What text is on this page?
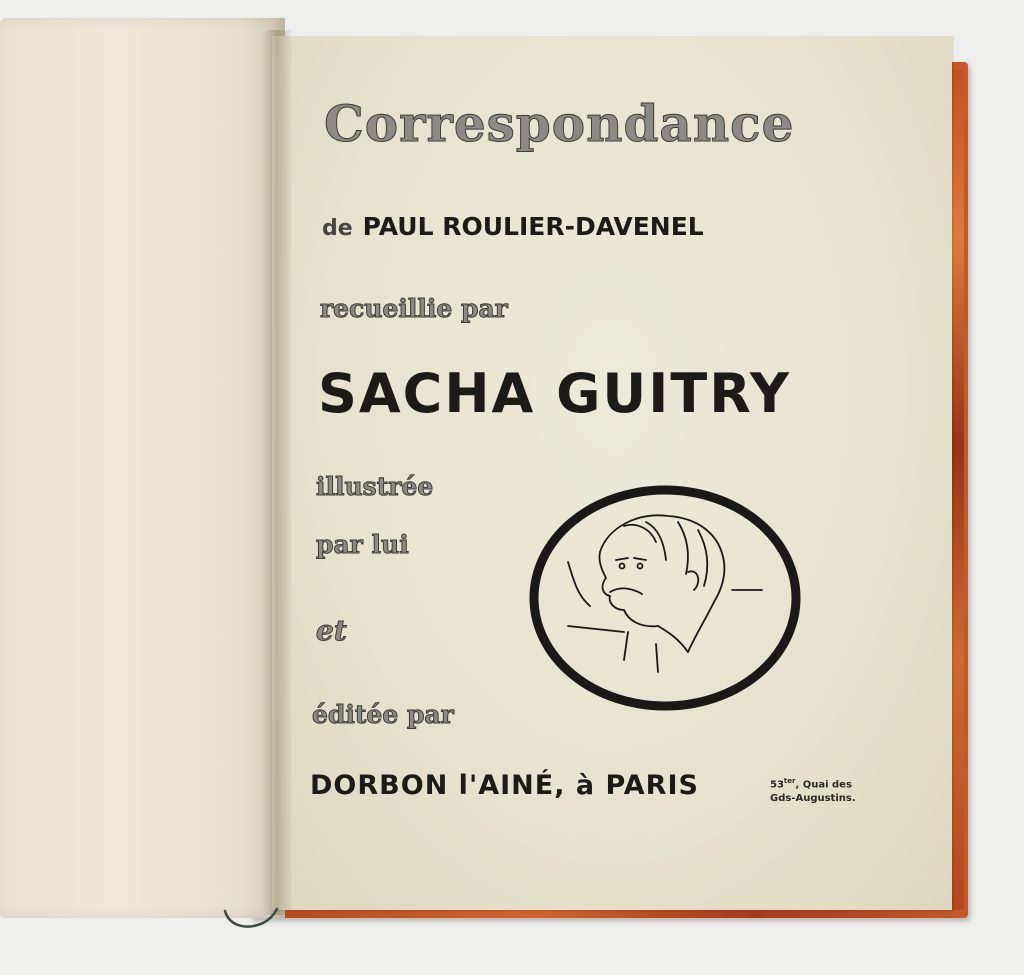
Correspondance
de PAUL ROULIER-DAVENEL
recueillie par
SACHA GUITRY
illustrée
par lui
et
éditée par
DORBON l'AINÉ, à PARIS	$53^{ter}$, Quai des
Gds-Augustins.
